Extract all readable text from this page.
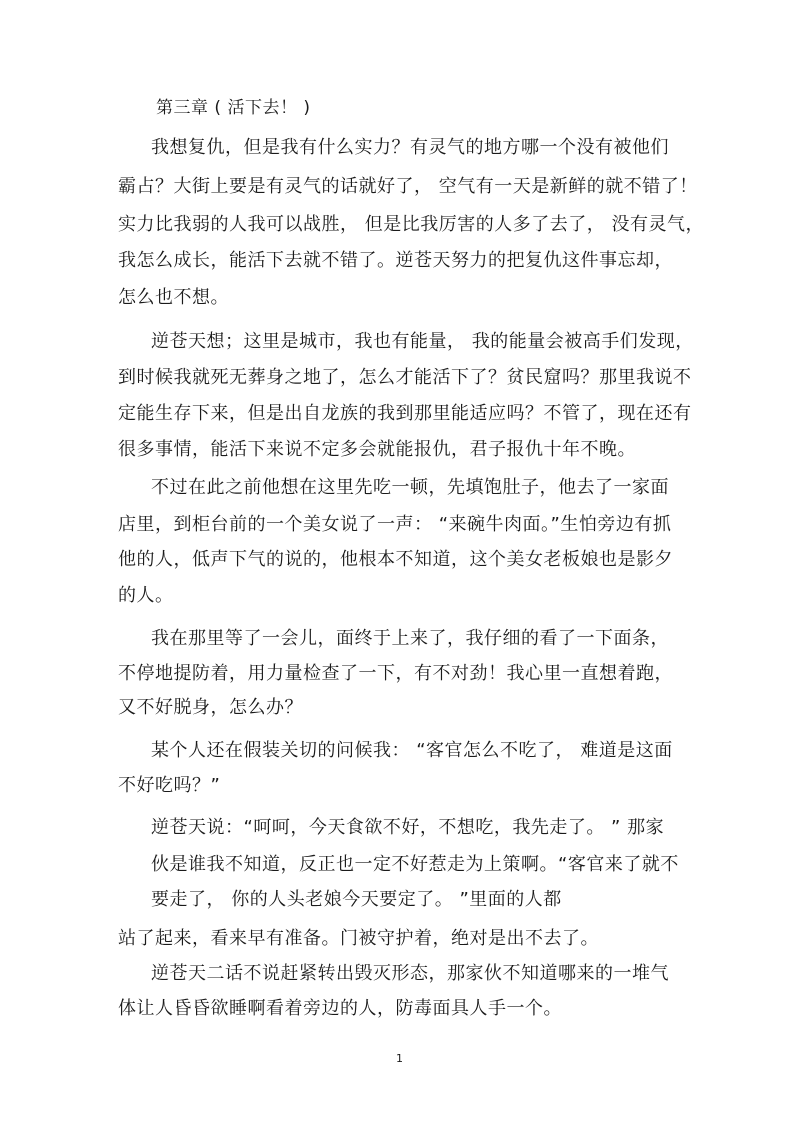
第三章 ( 活下去！ )
我想复仇，但是我有什么实力？有灵气的地方哪一个没有被他们
霸占？大街上要是有灵气的话就好了， 空气有一天是新鲜的就不错了！
实力比我弱的人我可以战胜， 但是比我厉害的人多了去了， 没有灵气，
我怎么成长，能活下去就不错了。逆苍天努力的把复仇这件事忘却，
怎么也不想。
逆苍天想；这里是城市，我也有能量， 我的能量会被高手们发现，
到时候我就死无葬身之地了，怎么才能活下了？贫民窟吗？那里我说不
定能生存下来，但是出自龙族的我到那里能适应吗？不管了，现在还有
很多事情，能活下来说不定多会就能报仇，君子报仇十年不晚。
不过在此之前他想在这里先吃一顿，先填饱肚子，他去了一家面
店里，到柜台前的一个美女说了一声： “来碗牛肉面。”生怕旁边有抓
他的人，低声下气的说的，他根本不知道，这个美女老板娘也是影夕
的人。
我在那里等了一会儿，面终于上来了，我仔细的看了一下面条，
不停地提防着，用力量检查了一下，有不对劲！我心里一直想着跑，
又不好脱身，怎么办？
某个人还在假装关切的问候我： “客官怎么不吃了， 难道是这面
不好吃吗？”
逆苍天说：“呵呵，今天食欲不好，不想吃，我先走了。 ” 那家
伙是谁我不知道，反正也一定不好惹走为上策啊。“客官来了就不
要走了， 你的人头老娘今天要定了。 ”里面的人都
站了起来，看来早有准备。门被守护着，绝对是出不去了。
逆苍天二话不说赶紧转出毁灭形态，那家伙不知道哪来的一堆气
体让人昏昏欲睡啊看着旁边的人，防毒面具人手一个。
1
